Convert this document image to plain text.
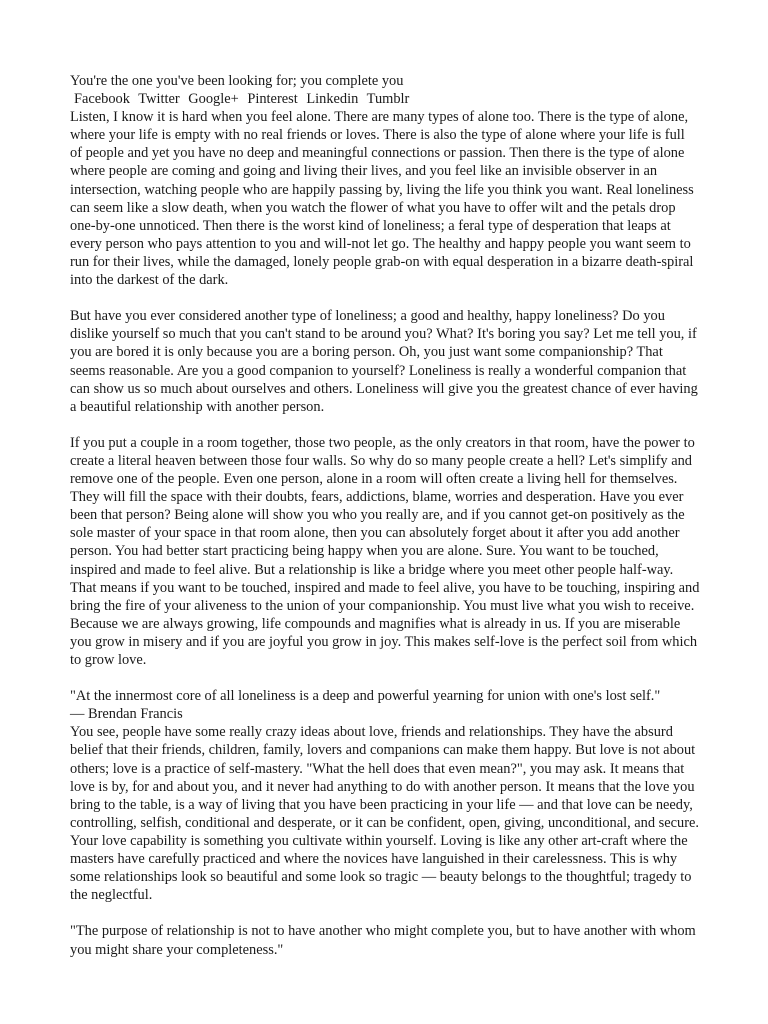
You're the one you've been looking for; you complete you
Facebook Twitter Google+ Pinterest Linkedin Tumblr

Listen, I know it is hard when you feel alone. There are many types of alone too. There is the type of alone, where your life is empty with no real friends or loves. There is also the type of alone where your life is full of people and yet you have no deep and meaningful connections or passion. Then there is the type of alone where people are coming and going and living their lives, and you feel like an invisible observer in an intersection, watching people who are happily passing by, living the life you think you want. Real loneliness can seem like a slow death, when you watch the flower of what you have to offer wilt and the petals drop one-by-one unnoticed. Then there is the worst kind of loneliness; a feral type of desperation that leaps at every person who pays attention to you and will-not let go. The healthy and happy people you want seem to run for their lives, while the damaged, lonely people grab-on with equal desperation in a bizarre death-spiral into the darkest of the dark.

But have you ever considered another type of loneliness; a good and healthy, happy loneliness? Do you dislike yourself so much that you can't stand to be around you? What? It's boring you say? Let me tell you, if you are bored it is only because you are a boring person. Oh, you just want some companionship? That seems reasonable. Are you a good companion to yourself? Loneliness is really a wonderful companion that can show us so much about ourselves and others. Loneliness will give you the greatest chance of ever having a beautiful relationship with another person.

If you put a couple in a room together, those two people, as the only creators in that room, have the power to create a literal heaven between those four walls. So why do so many people create a hell? Let's simplify and remove one of the people. Even one person, alone in a room will often create a living hell for themselves. They will fill the space with their doubts, fears, addictions, blame, worries and desperation. Have you ever been that person? Being alone will show you who you really are, and if you cannot get-on positively as the sole master of your space in that room alone, then you can absolutely forget about it after you add another person. You had better start practicing being happy when you are alone. Sure. You want to be touched, inspired and made to feel alive. But a relationship is like a bridge where you meet other people half-way. That means if you want to be touched, inspired and made to feel alive, you have to be touching, inspiring and bring the fire of your aliveness to the union of your companionship. You must live what you wish to receive. Because we are always growing, life compounds and magnifies what is already in us. If you are miserable you grow in misery and if you are joyful you grow in joy. This makes self-love is the perfect soil from which to grow love.

"At the innermost core of all loneliness is a deep and powerful yearning for union with one's lost self."
— Brendan Francis

You see, people have some really crazy ideas about love, friends and relationships. They have the absurd belief that their friends, children, family, lovers and companions can make them happy. But love is not about others; love is a practice of self-mastery. "What the hell does that even mean?", you may ask. It means that love is by, for and about you, and it never had anything to do with another person. It means that the love you bring to the table, is a way of living that you have been practicing in your life — and that love can be needy, controlling, selfish, conditional and desperate, or it can be confident, open, giving, unconditional, and secure. Your love capability is something you cultivate within yourself. Loving is like any other art-craft where the masters have carefully practiced and where the novices have languished in their carelessness. This is why some relationships look so beautiful and some look so tragic — beauty belongs to the thoughtful; tragedy to the neglectful.

"The purpose of relationship is not to have another who might complete you, but to have another with whom you might share your completeness."
